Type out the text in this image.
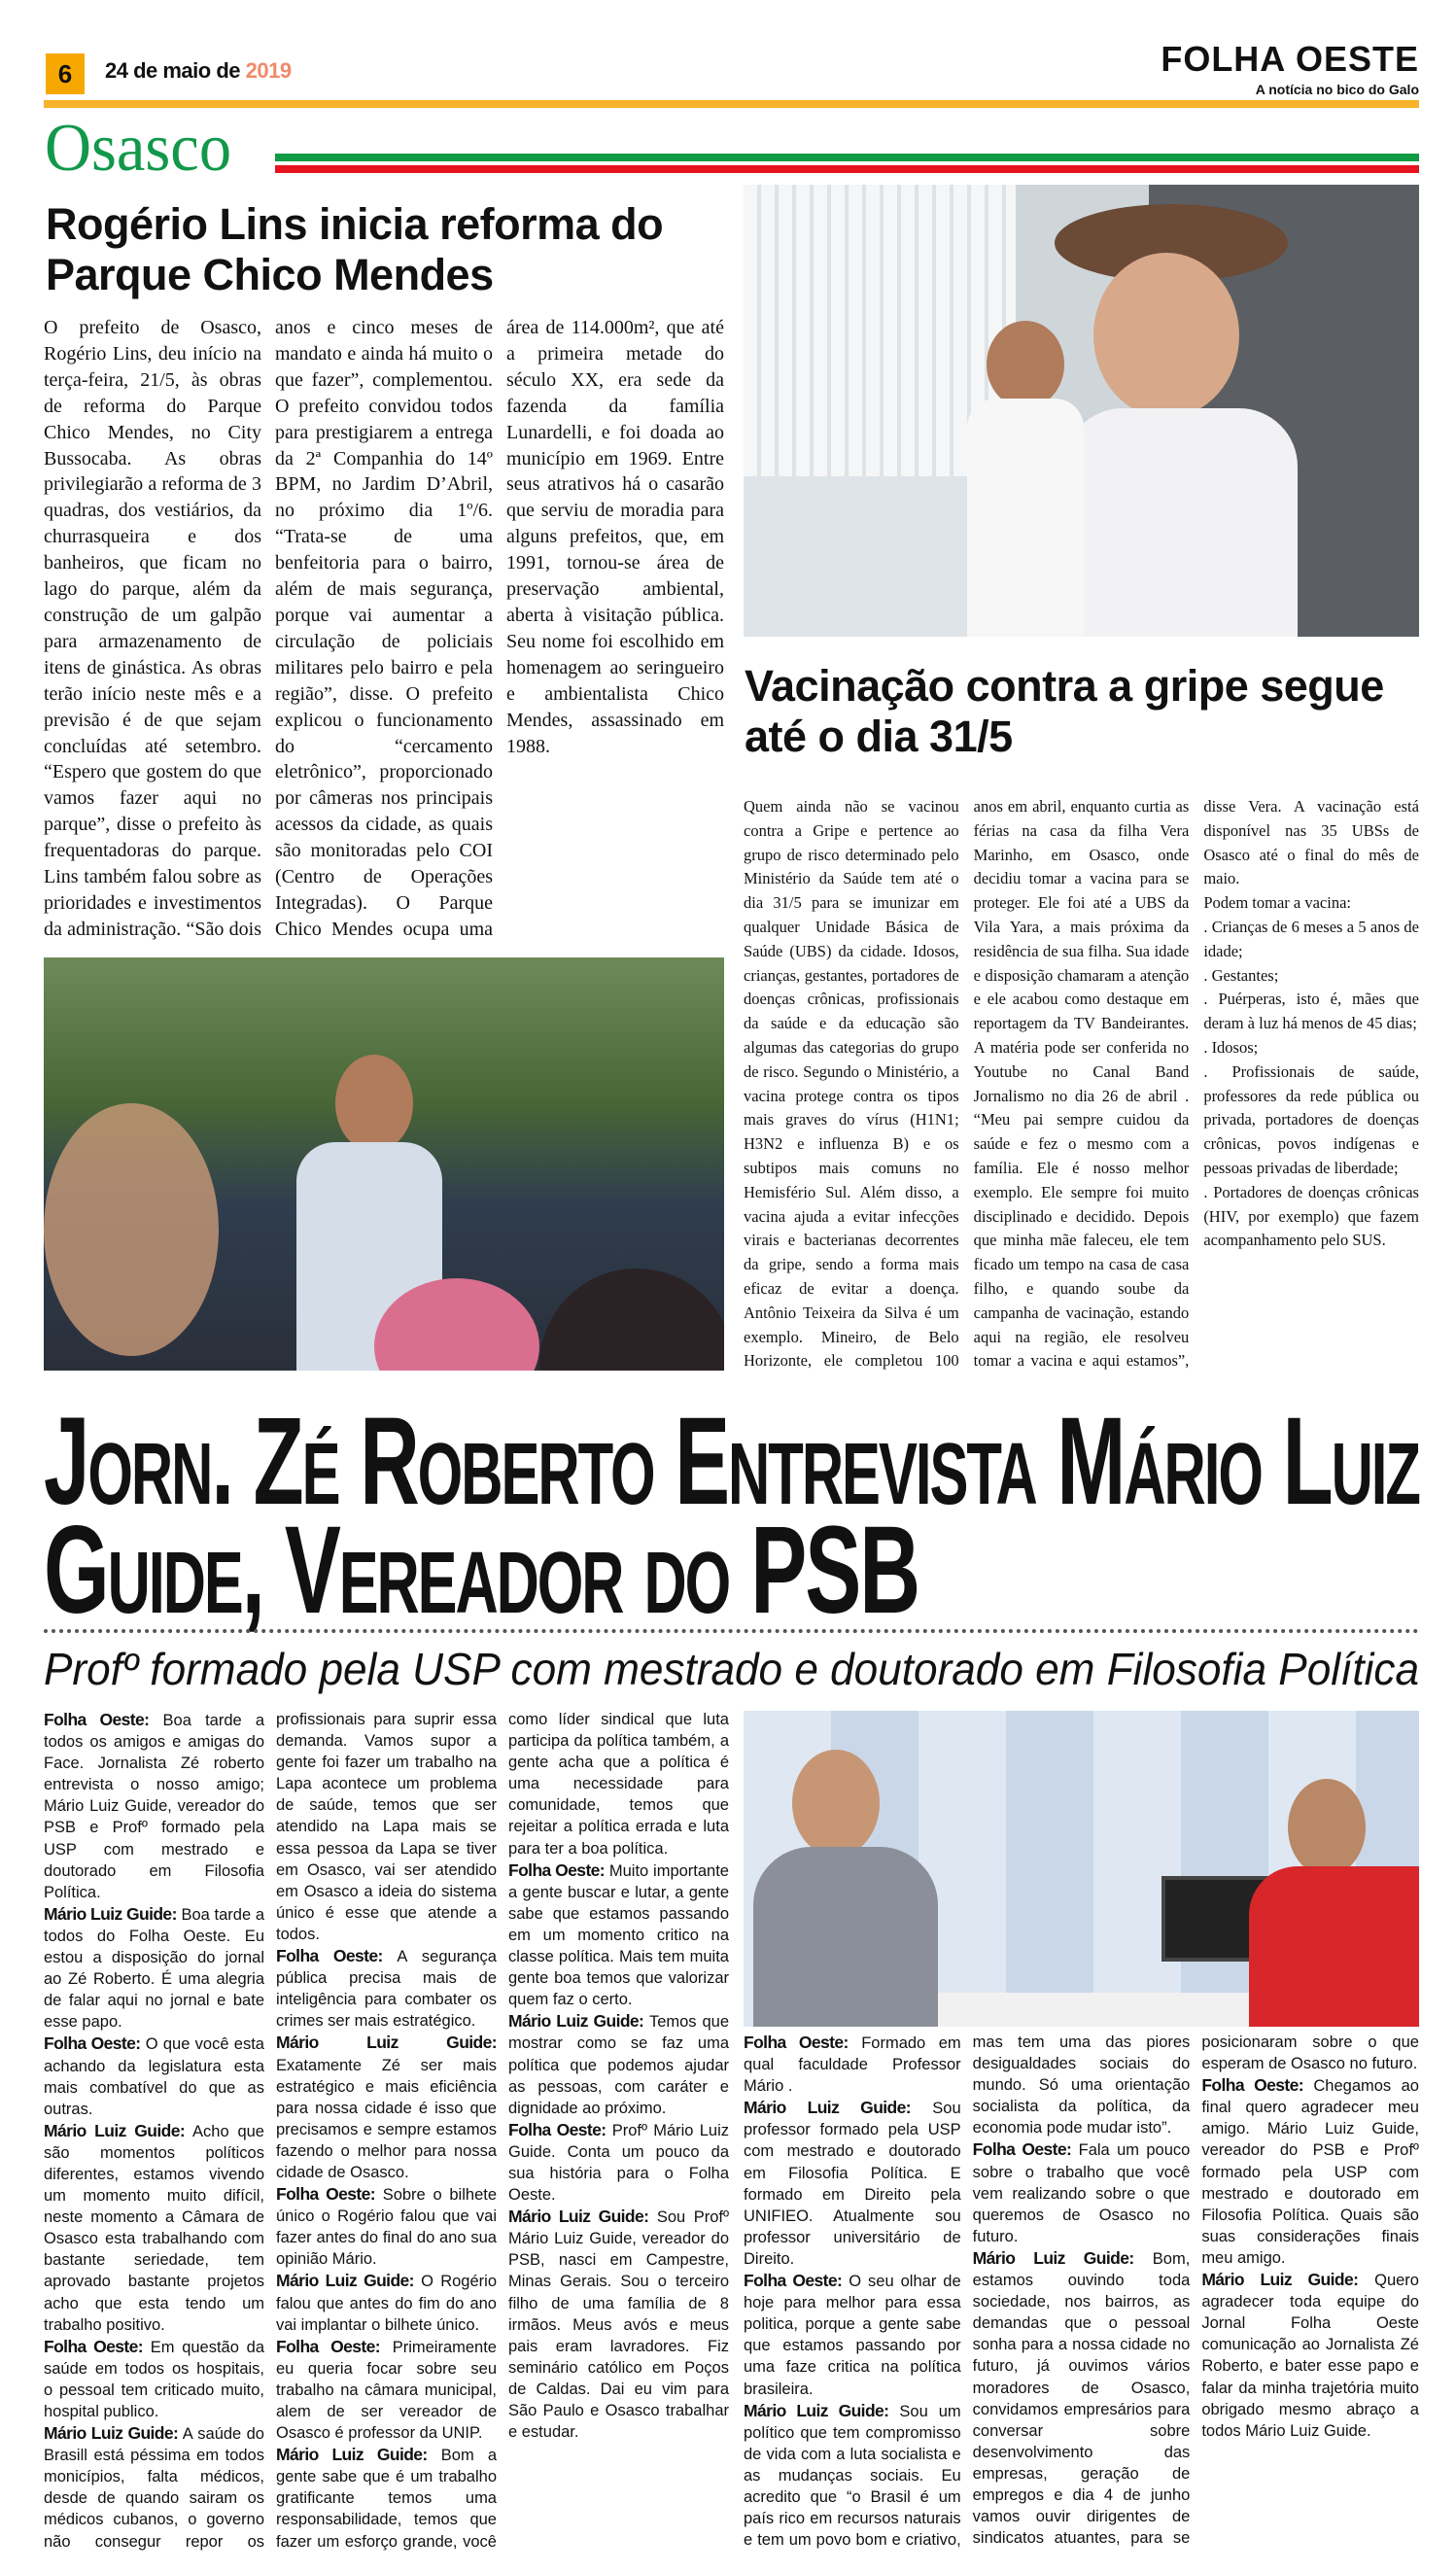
6	24 de maio de 2019	FOLHA OESTE
A notícia no bico do Galo
Osasco
Rogério Lins inicia reforma do Parque Chico Mendes

O prefeito de Osasco, Rogério Lins, deu início na terça-feira, 21/5, às obras de reforma do Parque Chico Mendes, no City Bussocaba. As obras privilegiarão a reforma de 3 quadras, dos vestiários, da churrasqueira e dos banheiros, que ficam no lago do parque, além da construção de um galpão para armazenamento de itens de ginástica. As obras terão início neste mês e a previsão é de que sejam concluídas até setembro. “Espero que gostem do que vamos fazer aqui no parque”, disse o prefeito às frequentadoras do parque. Lins também falou sobre as prioridades e investimentos da administração. “São dois anos e cinco meses de mandato e ainda há muito o que fazer”, complementou. O prefeito convidou todos para prestigiarem a entrega da 2ª Companhia do 14º BPM, no Jardim D’Abril, no próximo dia 1º/6. “Trata-se de uma benfeitoria para o bairro, além de mais segurança, porque vai aumentar a circulação de policiais militares pelo bairro e pela região”, disse. O prefeito explicou o funcionamento do “cercamento eletrônico”, proporcionado por câmeras nos principais acessos da cidade, as quais são monitoradas pelo COI (Centro de Operações Integradas). O Parque Chico Mendes ocupa uma área de 114.000m², que até a primeira metade do século XX, era sede da fazenda da família Lunardelli, e foi doada ao município em 1969. Entre seus atrativos há o casarão que serviu de moradia para alguns prefeitos, que, em 1991, tornou-se área de preservação ambiental, aberta à visitação pública. Seu nome foi escolhido em homenagem ao seringueiro e ambientalista Chico Mendes, assassinado em 1988.

Vacinação contra a gripe segue até o dia 31/5

Quem ainda não se vacinou contra a Gripe e pertence ao grupo de risco determinado pelo Ministério da Saúde tem até o dia 31/5 para se imunizar em qualquer Unidade Básica de Saúde (UBS) da cidade. Idosos, crianças, gestantes, portadores de doenças crônicas, profissionais da saúde e da educação são algumas das categorias do grupo de risco. Segundo o Ministério, a vacina protege contra os tipos mais graves do vírus (H1N1; H3N2 e influenza B) e os subtipos mais comuns no Hemisfério Sul. Além disso, a vacina ajuda a evitar infecções virais e bacterianas decorrentes da gripe, sendo a forma mais eficaz de evitar a doença. Antônio Teixeira da Silva é um exemplo. Mineiro, de Belo Horizonte, ele completou 100 anos em abril, enquanto curtia as férias na casa da filha Vera Marinho, em Osasco, onde decidiu tomar a vacina para se proteger. Ele foi até a UBS da Vila Yara, a mais próxima da residência de sua filha. Sua idade e disposição chamaram a atenção e ele acabou como destaque em reportagem da TV Bandeirantes. A matéria pode ser conferida no Youtube no Canal Band Jornalismo no dia 26 de abril . “Meu pai sempre cuidou da saúde e fez o mesmo com a família. Ele é nosso melhor exemplo. Ele sempre foi muito disciplinado e decidido. Depois que minha mãe faleceu, ele tem ficado um tempo na casa de casa filho, e quando soube da campanha de vacinação, estando aqui na região, ele resolveu tomar a vacina e aqui estamos”, disse Vera. A vacinação está disponível nas 35 UBSs de Osasco até o final do mês de maio.

Podem tomar a vacina:

. Crianças de 6 meses a 5 anos de idade;

. Gestantes;

. Puérperas, isto é, mães que deram à luz há menos de 45 dias;

. Idosos;

. Profissionais de saúde, professores da rede pública ou privada, portadores de doenças crônicas, povos indígenas e pessoas privadas de liberdade;

. Portadores de doenças crônicas (HIV, por exemplo) que fazem acompanhamento pelo SUS.

Jorn. Zé Roberto Entrevista Mário Luiz
Guide, Vereador do PSB
Profº formado pela USP com mestrado e doutorado em Filosofia Política

Folha Oeste: Boa tarde a todos os amigos e amigas do Face. Jornalista Zé roberto entrevista o nosso amigo; Mário Luiz Guide, vereador do PSB e Profº formado pela USP com mestrado e doutorado em Filosofia Política.

Mário Luiz Guide: Boa tarde a todos do Folha Oeste. Eu estou a disposição do jornal ao Zé Roberto. É uma alegria de falar aqui no jornal e bate esse papo.

Folha Oeste: O que você esta achando da legislatura esta mais combatível do que as outras.

Mário Luiz Guide: Acho que são momentos políticos diferentes, estamos vivendo um momento muito difícil, neste momento a Câmara de Osasco esta trabalhando com bastante seriedade, tem aprovado bastante projetos acho que esta tendo um trabalho positivo.

Folha Oeste: Em questão da saúde em todos os hospitais, o pessoal tem criticado muito, hospital publico.

Mário Luiz Guide: A saúde do Brasill está péssima em todos monicípios, falta médicos, desde de quando sairam os médicos cubanos, o governo não consegur repor os profissionais para suprir essa demanda. Vamos supor a gente foi fazer um trabalho na Lapa acontece um problema de saúde, temos que ser atendido na Lapa mais se essa pessoa da Lapa se tiver em Osasco, vai ser atendido em Osasco a ideia do sistema único é esse que atende a todos.

Folha Oeste: A segurança pública precisa mais de inteligência para combater os crimes ser mais estratégico.

Mário Luiz Guide: Exatamente Zé ser mais estratégico e mais eficiência para nossa cidade é isso que precisamos e sempre estamos fazendo o melhor para nossa cidade de Osasco.

Folha Oeste: Sobre o bilhete único o Rogério falou que vai fazer antes do final do ano sua opinião Mário.

Mário Luiz Guide: O Rogério falou que antes do fim do ano vai implantar o bilhete único.

Folha Oeste: Primeiramente eu queria focar sobre seu trabalho na câmara municipal, alem de ser vereador de Osasco é professor da UNIP.

Mário Luiz Guide: Bom a gente sabe que é um trabalho gratificante temos uma responsabilidade, temos que fazer um esforço grande, você como líder sindical que luta participa da política também, a gente acha que a política é uma necessidade para comunidade, temos que rejeitar a política errada e luta para ter a boa política.

Folha Oeste: Muito importante a gente buscar e lutar, a gente sabe que estamos passando em um momento critico na classe política. Mais tem muita gente boa temos que valorizar quem faz o certo.

Mário Luiz Guide: Temos que mostrar como se faz uma política que podemos ajudar as pessoas, com caráter e dignidade ao próximo.

Folha Oeste: Profº Mário Luiz Guide. Conta um pouco da sua história para o Folha Oeste.

Mário Luiz Guide: Sou Profº Mário Luiz Guide, vereador do PSB, nasci em Campestre, Minas Gerais. Sou o terceiro filho de uma família de 8 irmãos. Meus avós e meus pais eram lavradores. Fiz seminário católico em Poços de Caldas. Dai eu vim para São Paulo e Osasco trabalhar e estudar.

Folha Oeste: Formado em qual faculdade Professor Mário .

Mário Luiz Guide: Sou professor formado pela USP com mestrado e doutorado em Filosofia Política. E formado em Direito pela UNIFIEO. Atualmente sou professor universitário de Direito.

Folha Oeste: O seu olhar de hoje para melhor para essa politica, porque a gente sabe que estamos passando por uma faze critica na política brasileira.

Mário Luiz Guide: Sou um político que tem compromisso de vida com a luta socialista e as mudanças sociais. Eu acredito que “o Brasil é um país rico em recursos naturais e tem um povo bom e criativo, mas tem uma das piores desigualdades sociais do mundo. Só uma orientação socialista da política, da economia pode mudar isto”.

Folha Oeste: Fala um pouco sobre o trabalho que você vem realizando sobre o que queremos de Osasco no futuro.

Mário Luiz Guide: Bom, estamos ouvindo toda sociedade, nos bairros, as demandas que o pessoal sonha para a nossa cidade no futuro, já ouvimos vários moradores de Osasco, convidamos empresários para conversar sobre desenvolvimento das empresas, geração de empregos e dia 4 de junho vamos ouvir dirigentes de sindicatos atuantes, para se posicionaram sobre o que esperam de Osasco no futuro.

Folha Oeste: Chegamos ao final quero agradecer meu amigo. Mário Luiz Guide, vereador do PSB e Profº formado pela USP com mestrado e doutorado em Filosofia Política. Quais são suas considerações finais meu amigo.

Mário Luiz Guide: Quero agradecer toda equipe do Jornal Folha Oeste comunicação ao Jornalista Zé Roberto, e bater esse papo e falar da minha trajetória muito obrigado mesmo abraço a todos Mário Luiz Guide.
